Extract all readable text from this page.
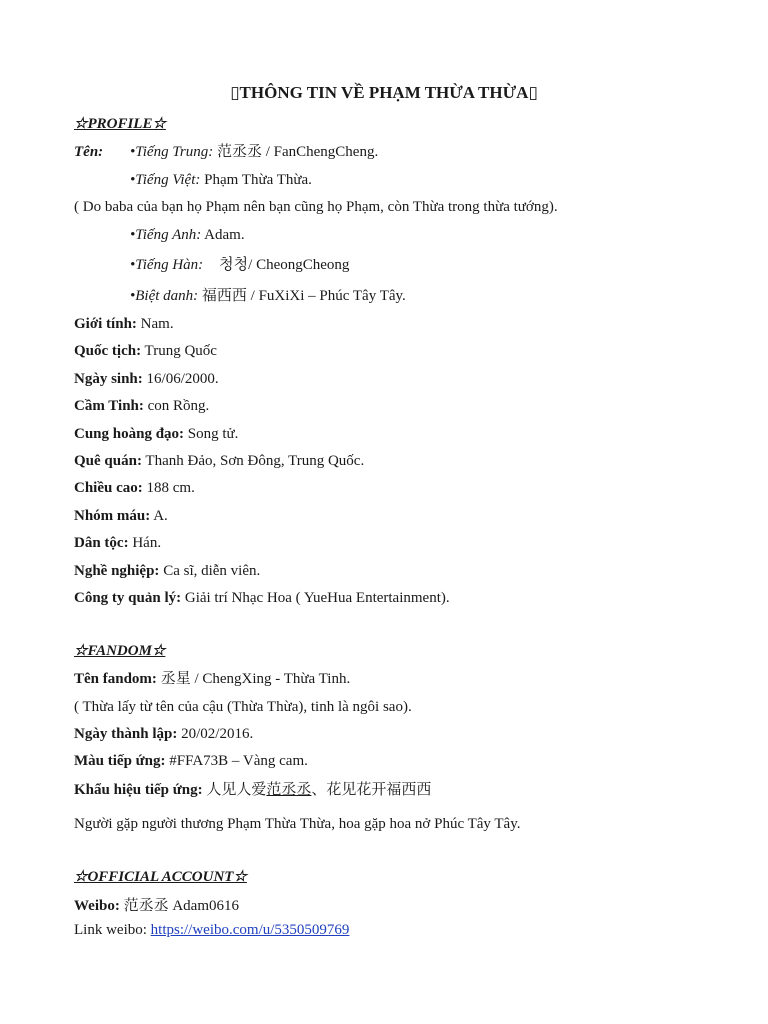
▯THÔNG TIN VỀ PHẠM THỪA THỪA▯
☆PROFILE☆
Tên: •Tiếng Trung: 范丞丞 / FanChengCheng.
•Tiếng Việt: Phạm Thừa Thừa.
( Do baba của bạn họ Phạm nên bạn cũng họ Phạm, còn Thừa trong thừa tướng).
•Tiếng Anh: Adam.
•Tiếng Hàn: 청청/ CheongCheong
•Biệt danh: 福西西 / FuXiXi – Phúc Tây Tây.
Giới tính: Nam.
Quốc tịch: Trung Quốc
Ngày sinh: 16/06/2000.
Cầm Tinh: con Rồng.
Cung hoàng đạo: Song tử.
Quê quán: Thanh Đảo, Sơn Đông, Trung Quốc.
Chiều cao: 188 cm.
Nhóm máu: A.
Dân tộc: Hán.
Nghề nghiệp: Ca sĩ, diễn viên.
Công ty quản lý: Giải trí Nhạc Hoa ( YueHua Entertainment).
☆FANDOM☆
Tên fandom: 丞星 / ChengXing - Thừa Tinh.
( Thừa lấy từ tên của cậu (Thừa Thừa), tinh là ngôi sao).
Ngày thành lập: 20/02/2016.
Màu tiếp ứng: #FFA73B – Vàng cam.
Khẩu hiệu tiếp ứng: 人见人爱范丞丞、花见花开福西西
Người gặp người thương Phạm Thừa Thừa, hoa gặp hoa nở Phúc Tây Tây.
☆OFFICIAL ACCOUNT☆
Weibo: 范丞丞 Adam0616
Link weibo: https://weibo.com/u/5350509769
